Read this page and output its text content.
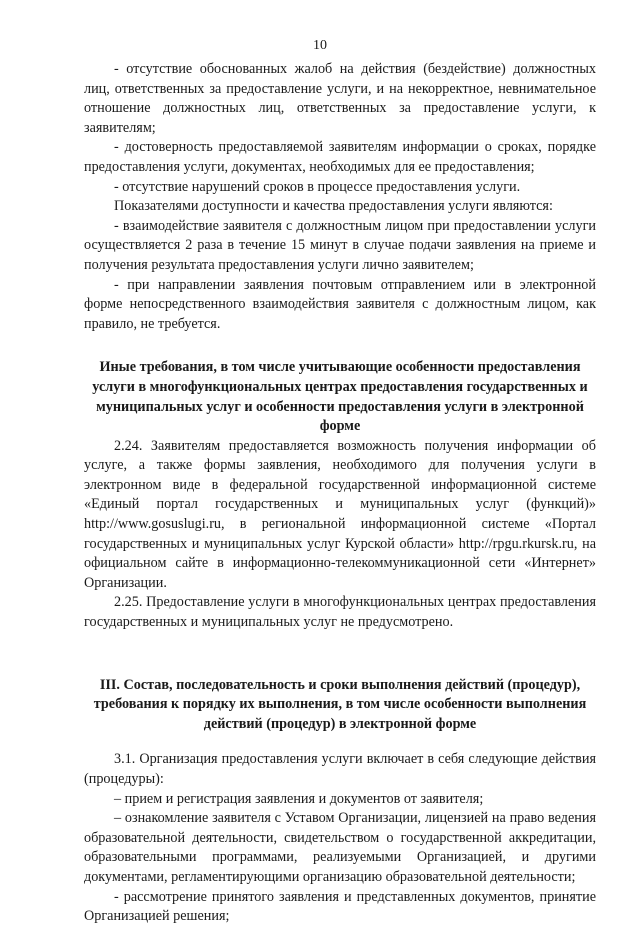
10

- отсутствие обоснованных жалоб на действия (бездействие) должностных лиц, ответственных за предоставление услуги, и на некорректное, невнимательное отношение должностных лиц, ответственных за предоставление услуги, к заявителям;

- достоверность предоставляемой заявителям информации о сроках, порядке предоставления услуги, документах, необходимых для ее предоставления;

- отсутствие нарушений сроков в процессе предоставления услуги.

Показателями доступности и качества предоставления услуги являются:

- взаимодействие заявителя с должностным лицом при предоставлении услуги осуществляется 2 раза в течение 15 минут в случае подачи заявления на приеме и получения результата предоставления услуги лично заявителем;

- при направлении заявления почтовым отправлением или в электронной форме непосредственного взаимодействия заявителя с должностным лицом, как правило, не требуется.

Иные требования, в том числе учитывающие особенности предоставления услуги в многофункциональных центрах предоставления государственных и муниципальных услуг и особенности предоставления услуги в электронной форме

2.24. Заявителям предоставляется возможность получения информации об услуге, а также формы заявления, необходимого для получения услуги в электронном виде в федеральной государственной информационной системе «Единый портал государственных и муниципальных услуг (функций)» http://www.gosuslugi.ru, в региональной информационной системе «Портал государственных и муниципальных услуг Курской области» http://rpgu.rkursk.ru, на официальном сайте в информационно-телекоммуникационной сети «Интернет» Организации.

2.25. Предоставление услуги в многофункциональных центрах предоставления государственных и муниципальных услуг не предусмотрено.

III. Состав, последовательность и сроки выполнения действий (процедур), требования к порядку их выполнения, в том числе особенности выполнения действий (процедур) в электронной форме

3.1. Организация предоставления услуги включает в себя следующие действия (процедуры):

– прием и регистрация заявления и документов от заявителя;

– ознакомление заявителя с Уставом Организации, лицензией на право ведения образовательной деятельности, свидетельством о государственной аккредитации, образовательными программами, реализуемыми Организацией, и другими документами, регламентирующими организацию образовательной деятельности;

- рассмотрение принятого заявления и представленных документов, принятие Организацией решения;
